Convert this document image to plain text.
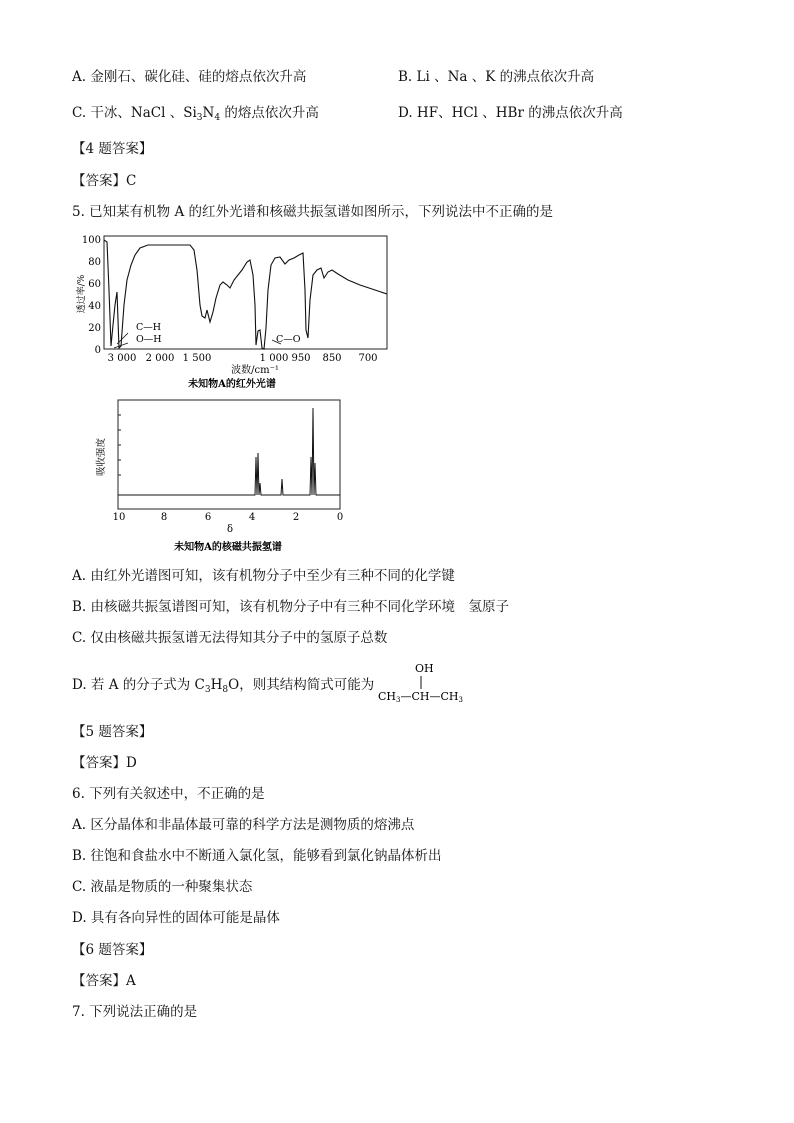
A. 金刚石、碳化硅、硅的熔点依次升高	B. Li 、Na 、K 的沸点依次升高
C. 干冰、NaCl 、$Si_3N_4$ 的熔点依次升高	D. HF、HCl 、HBr 的沸点依次升高
【4 题答案】
【答案】C
5. 已知某有机物 A 的红外光谱和核磁共振氢谱如图所示，下列说法中不正确的是
透过率/%
100
80
60
40
20
0
C—H
O—H	C—O
3 000 2 000 1 500	1 000 950 850 700
波数/cm⁻¹
未知物A的红外光谱
吸收强度
10	8	6	4	2	0
δ
未知物A的核磁共振氢谱
A. 由红外光谱图可知，该有机物分子中至少有三种不同的化学键
B. 由核磁共振氢谱图可知，该有机物分子中有三种不同化学环境　氢原子
C. 仅由核磁共振氢谱无法得知其分子中的氢原子总数
D. 若 A 的分子式为 $C_3H_8O$，则其结构简式可能为
OH
CH3—CH—CH3
【5 题答案】
【答案】D
6. 下列有关叙述中，不正确的是
A. 区分晶体和非晶体最可靠的科学方法是测物质的熔沸点
B. 往饱和食盐水中不断通入氯化氢，能够看到氯化钠晶体析出
C. 液晶是物质的一种聚集状态
D. 具有各向异性的固体可能是晶体
【6 题答案】
【答案】A
7. 下列说法正确的是
